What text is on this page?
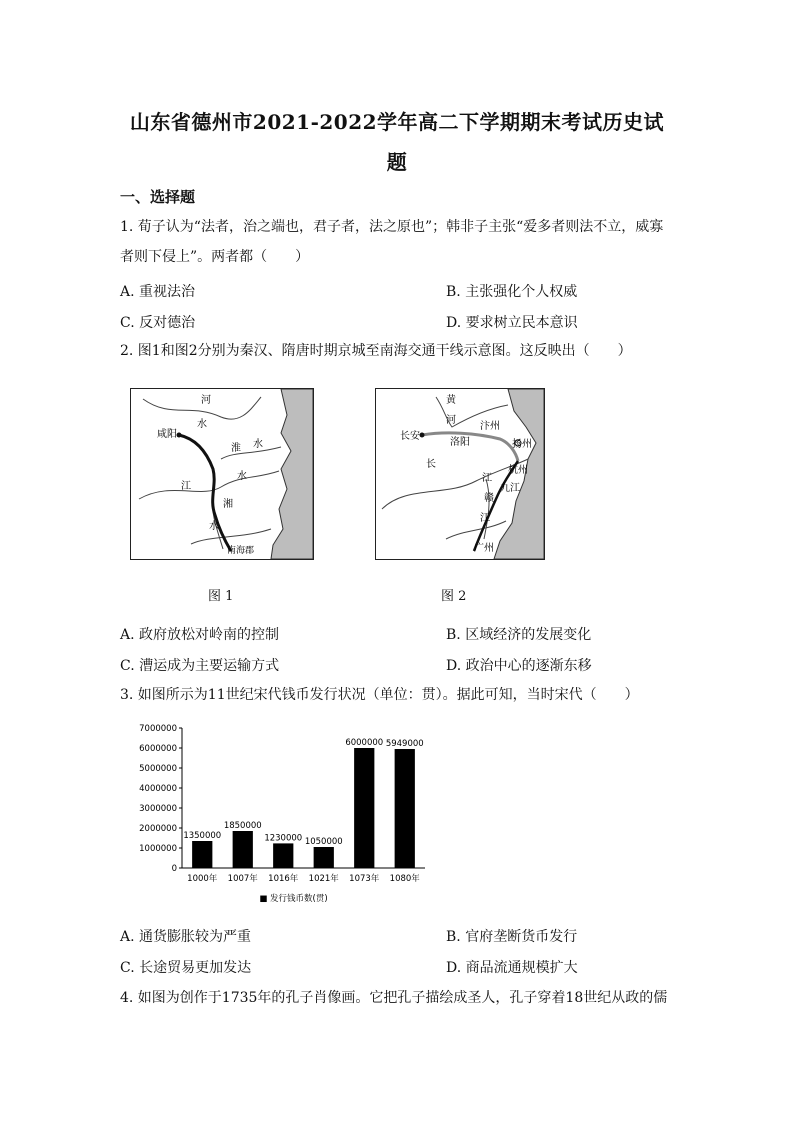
山东省德州市2021-2022学年高二下学期期末考试历史试
题
一、选择题
1. 荀子认为“法者，治之端也，君子者，法之原也”；韩非子主张“爱多者则法不立，威寡
者则下侵上”。两者都（　　）
A. 重视法治	B. 主张强化个人权威
C. 反对德治	D. 要求树立民本意识
2. 图1和图2分别为秦汉、隋唐时期京城至南海交通干线示意图。这反映出（　　）
咸阳
河
水
淮 水
江
水
湘
水
南海郡
图 1
黄
河
长安
洛阳
汴州
扬州
杭州
长
江
九江
赣
江
广州
图 2
A. 政府放松对岭南的控制	B. 区域经济的发展变化
C. 漕运成为主要运输方式	D. 政治中心的逐渐东移
3. 如图所示为11世纪宋代钱币发行状况（单位：贯）。据此可知，当时宋代（　　）
0
1000000
2000000
3000000
4000000
5000000
6000000
7000000
1350000
1000年
1850000
1007年
1230000
1016年
1050000
1021年
6000000
1073年
5949000
1080年
■ 发行钱币数(贯)
A. 通货膨胀较为严重	B. 官府垄断货币发行
C. 长途贸易更加发达	D. 商品流通规模扩大
4. 如图为创作于1735年的孔子肖像画。它把孔子描绘成圣人，孔子穿着18世纪从政的儒
